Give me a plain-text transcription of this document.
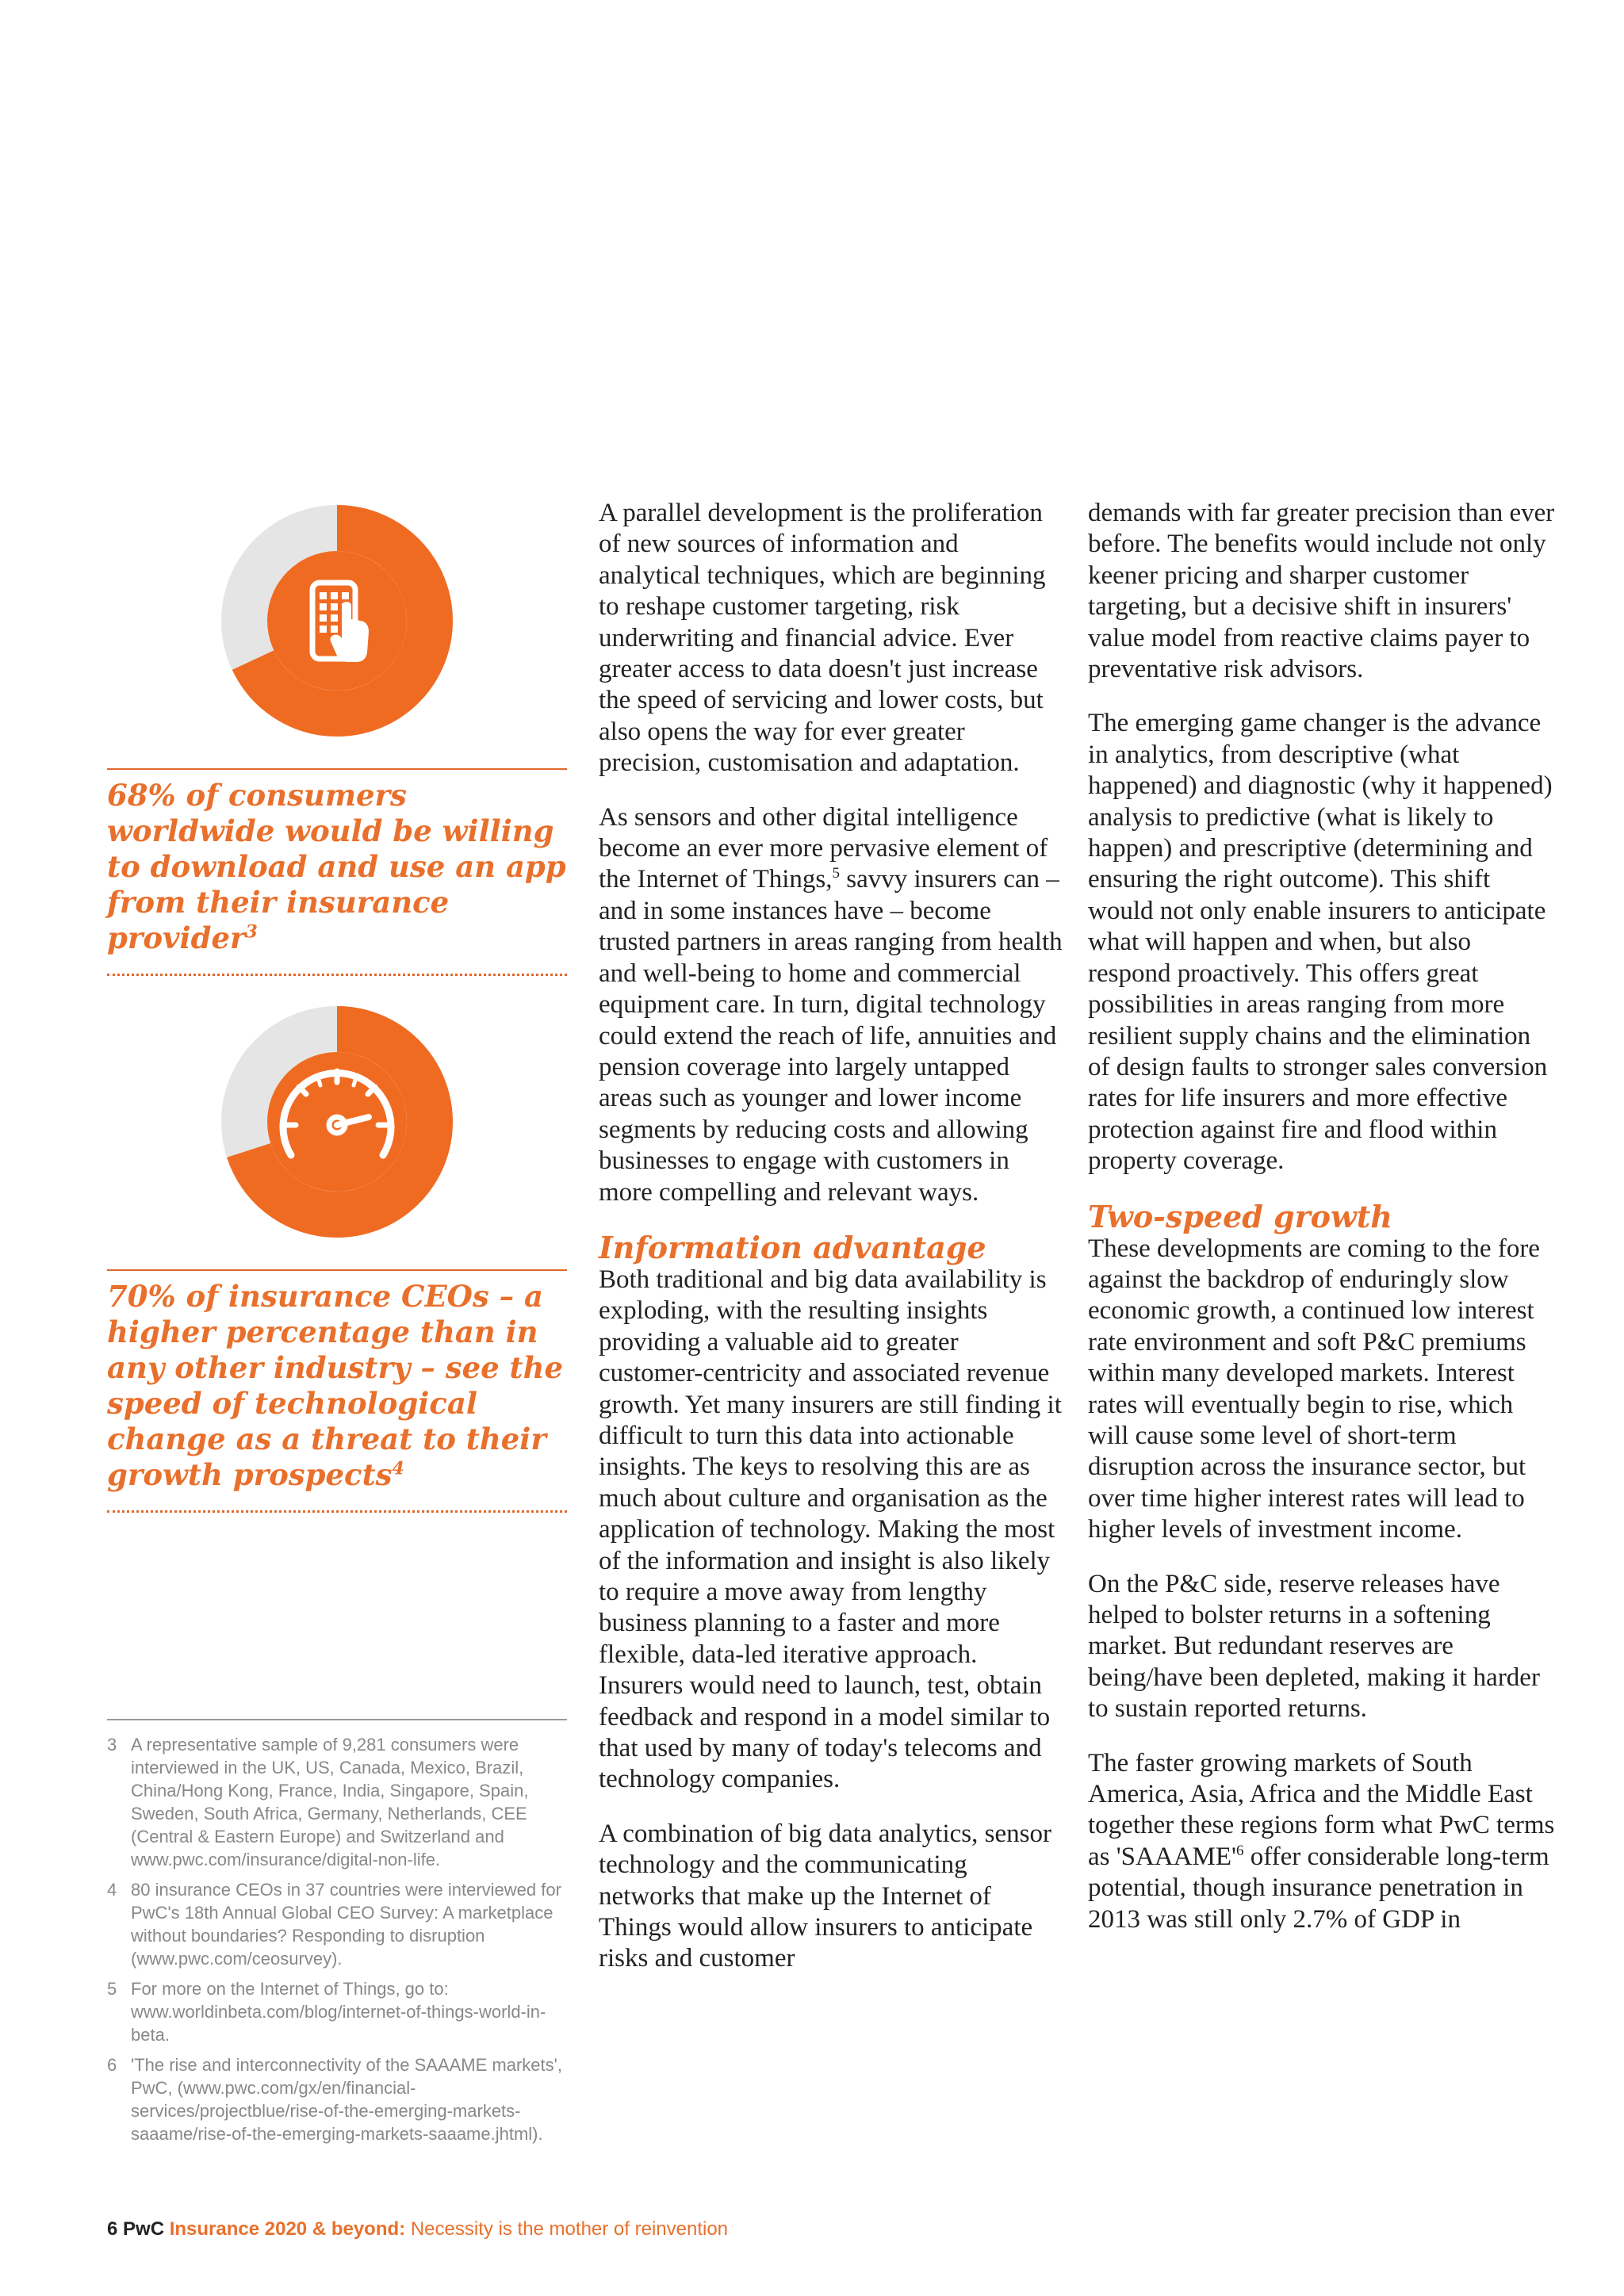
68% of consumers worldwide would be willing to download and use an app from their insurance provider$^3$
70% of insurance CEOs – a higher percentage than in any other industry – see the speed of technological change as a threat to their growth prospects$^4$
3 A representative sample of 9,281 consumers were interviewed in the UK, US, Canada, Mexico, Brazil, China/Hong Kong, France, India, Singapore, Spain, Sweden, South Africa, Germany, Netherlands, CEE (Central & Eastern Europe) and Switzerland and www.pwc.com/insurance/digital-non-life.
4 80 insurance CEOs in 37 countries were interviewed for PwC's 18th Annual Global CEO Survey: A marketplace without boundaries? Responding to disruption (www.pwc.com/ceosurvey).
5 For more on the Internet of Things, go to: www.worldinbeta.com/blog/internet-of-things-world-in-beta.
6 'The rise and interconnectivity of the SAAAME markets', PwC, (www.pwc.com/gx/en/financial-services/projectblue/rise-of-the-emerging-markets-saaame/rise-of-the-emerging-markets-saaame.jhtml).
6 PwC Insurance 2020 & beyond: Necessity is the mother of reinvention

A parallel development is the proliferation of new sources of information and analytical techniques, which are beginning to reshape customer targeting, risk underwriting and financial advice. Ever greater access to data doesn't just increase the speed of servicing and lower costs, but also opens the way for ever greater precision, customisation and adaptation.

As sensors and other digital intelligence become an ever more pervasive element of the Internet of Things,$^5$ savvy insurers can – and in some instances have – become trusted partners in areas ranging from health and well-being to home and commercial equipment care. In turn, digital technology could extend the reach of life, annuities and pension coverage into largely untapped areas such as younger and lower income segments by reducing costs and allowing businesses to engage with customers in more compelling and relevant ways.

Information advantage

Both traditional and big data availability is exploding, with the resulting insights providing a valuable aid to greater customer-centricity and associated revenue growth. Yet many insurers are still finding it difficult to turn this data into actionable insights. The keys to resolving this are as much about culture and organisation as the application of technology. Making the most of the information and insight is also likely to require a move away from lengthy business planning to a faster and more flexible, data-led iterative approach. Insurers would need to launch, test, obtain feedback and respond in a model similar to that used by many of today's telecoms and technology companies.

A combination of big data analytics, sensor technology and the communicating networks that make up the Internet of Things would allow insurers to anticipate risks and customer

demands with far greater precision than ever before. The benefits would include not only keener pricing and sharper customer targeting, but a decisive shift in insurers' value model from reactive claims payer to preventative risk advisors.

The emerging game changer is the advance in analytics, from descriptive (what happened) and diagnostic (why it happened) analysis to predictive (what is likely to happen) and prescriptive (determining and ensuring the right outcome). This shift would not only enable insurers to anticipate what will happen and when, but also respond proactively. This offers great possibilities in areas ranging from more resilient supply chains and the elimination of design faults to stronger sales conversion rates for life insurers and more effective protection against fire and flood within property coverage.

Two-speed growth

These developments are coming to the fore against the backdrop of enduringly slow economic growth, a continued low interest rate environment and soft P&C premiums within many developed markets. Interest rates will eventually begin to rise, which will cause some level of short-term disruption across the insurance sector, but over time higher interest rates will lead to higher levels of investment income.

On the P&C side, reserve releases have helped to bolster returns in a softening market. But redundant reserves are being/have been depleted, making it harder to sustain reported returns.

The faster growing markets of South America, Asia, Africa and the Middle East together these regions form what PwC terms as '$SAAAME'^6$ offer considerable long-term potential, though insurance penetration in 2013 was still only 2.7% of GDP in
